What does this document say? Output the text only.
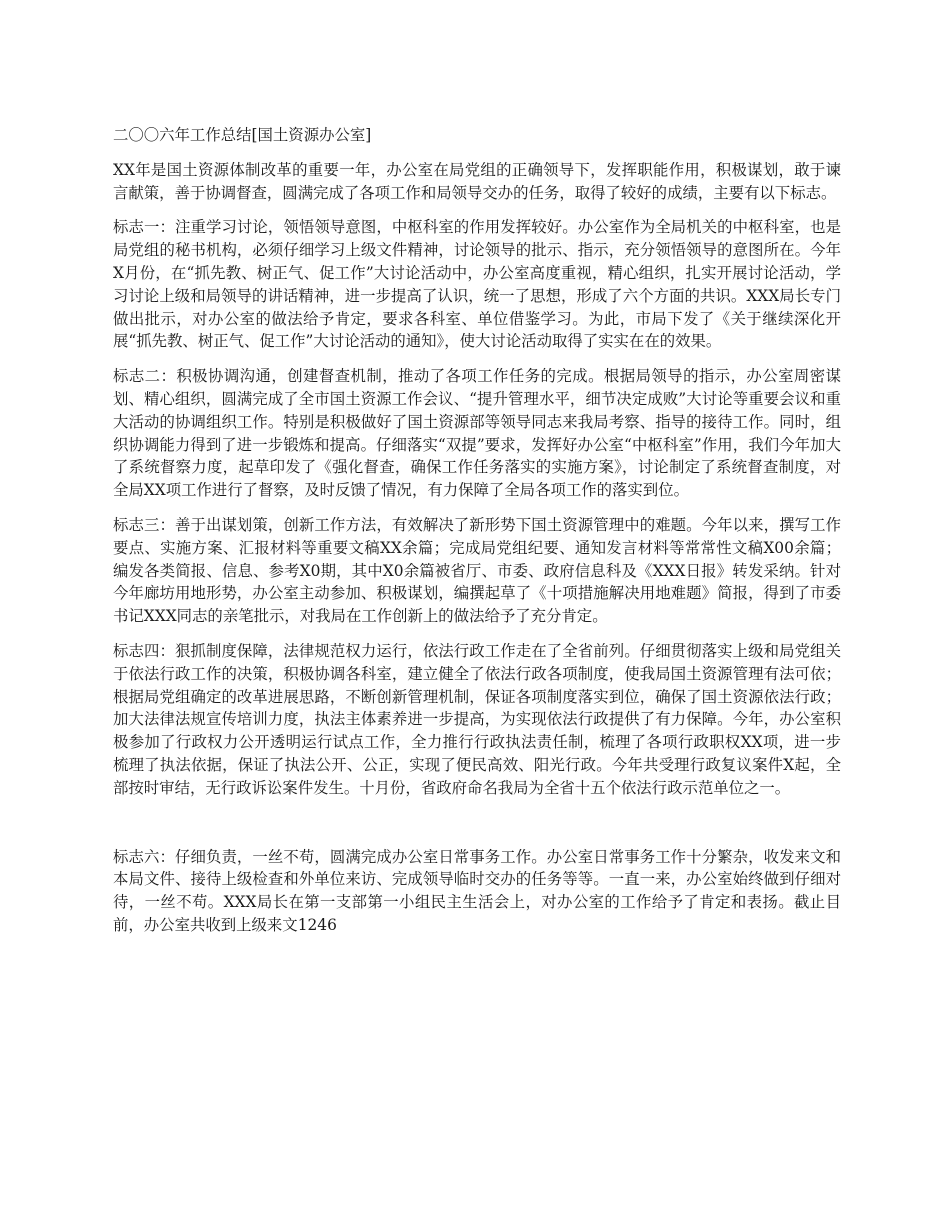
二〇〇六年工作总结[国土资源办公室]

XX年是国土资源体制改革的重要一年，办公室在局党组的正确领导下，发挥职能作用，积极谋划，敢于谏言献策，善于协调督查，圆满完成了各项工作和局领导交办的任务，取得了较好的成绩，主要有以下标志。

标志一：注重学习讨论，领悟领导意图，中枢科室的作用发挥较好。办公室作为全局机关的中枢科室，也是局党组的秘书机构，必须仔细学习上级文件精神，讨论领导的批示、指示，充分领悟领导的意图所在。今年X月份，在“抓先教、树正气、促工作”大讨论活动中，办公室高度重视，精心组织，扎实开展讨论活动，学习讨论上级和局领导的讲话精神，进一步提高了认识，统一了思想，形成了六个方面的共识。XXX局长专门做出批示，对办公室的做法给予肯定，要求各科室、单位借鉴学习。为此，市局下发了《关于继续深化开展“抓先教、树正气、促工作”大讨论活动的通知》，使大讨论活动取得了实实在在的效果。

标志二：积极协调沟通，创建督查机制，推动了各项工作任务的完成。根据局领导的指示，办公室周密谋划、精心组织，圆满完成了全市国土资源工作会议、“提升管理水平，细节决定成败”大讨论等重要会议和重大活动的协调组织工作。特别是积极做好了国土资源部等领导同志来我局考察、指导的接待工作。同时，组织协调能力得到了进一步锻炼和提高。仔细落实“双提”要求，发挥好办公室“中枢科室”作用，我们今年加大了系统督察力度，起草印发了《强化督查，确保工作任务落实的实施方案》，讨论制定了系统督查制度，对全局XX项工作进行了督察，及时反馈了情况，有力保障了全局各项工作的落实到位。

标志三：善于出谋划策，创新工作方法，有效解决了新形势下国土资源管理中的难题。今年以来，撰写工作要点、实施方案、汇报材料等重要文稿XX余篇；完成局党组纪要、通知发言材料等常常性文稿X00余篇；编发各类简报、信息、参考X0期，其中X0余篇被省厅、市委、政府信息科及《XXX日报》转发采纳。针对今年廊坊用地形势，办公室主动参加、积极谋划，编撰起草了《十项措施解决用地难题》简报，得到了市委书记XXX同志的亲笔批示，对我局在工作创新上的做法给予了充分肯定。

标志四：狠抓制度保障，法律规范权力运行，依法行政工作走在了全省前列。仔细贯彻落实上级和局党组关于依法行政工作的决策，积极协调各科室，建立健全了依法行政各项制度，使我局国土资源管理有法可依；根据局党组确定的改革进展思路，不断创新管理机制，保证各项制度落实到位，确保了国土资源依法行政；加大法律法规宣传培训力度，执法主体素养进一步提高，为实现依法行政提供了有力保障。今年，办公室积极参加了行政权力公开透明运行试点工作，全力推行行政执法责任制，梳理了各项行政职权XX项，进一步梳理了执法依据，保证了执法公开、公正，实现了便民高效、阳光行政。今年共受理行政复议案件X起，全部按时审结，无行政诉讼案件发生。十月份，省政府命名我局为全省十五个依法行政示范单位之一。

标志六：仔细负责，一丝不苟，圆满完成办公室日常事务工作。办公室日常事务工作十分繁杂，收发来文和本局文件、接待上级检查和外单位来访、完成领导临时交办的任务等等。一直一来，办公室始终做到仔细对待，一丝不苟。XXX局长在第一支部第一小组民主生活会上，对办公室的工作给予了肯定和表扬。截止目前，办公室共收到上级来文1246
